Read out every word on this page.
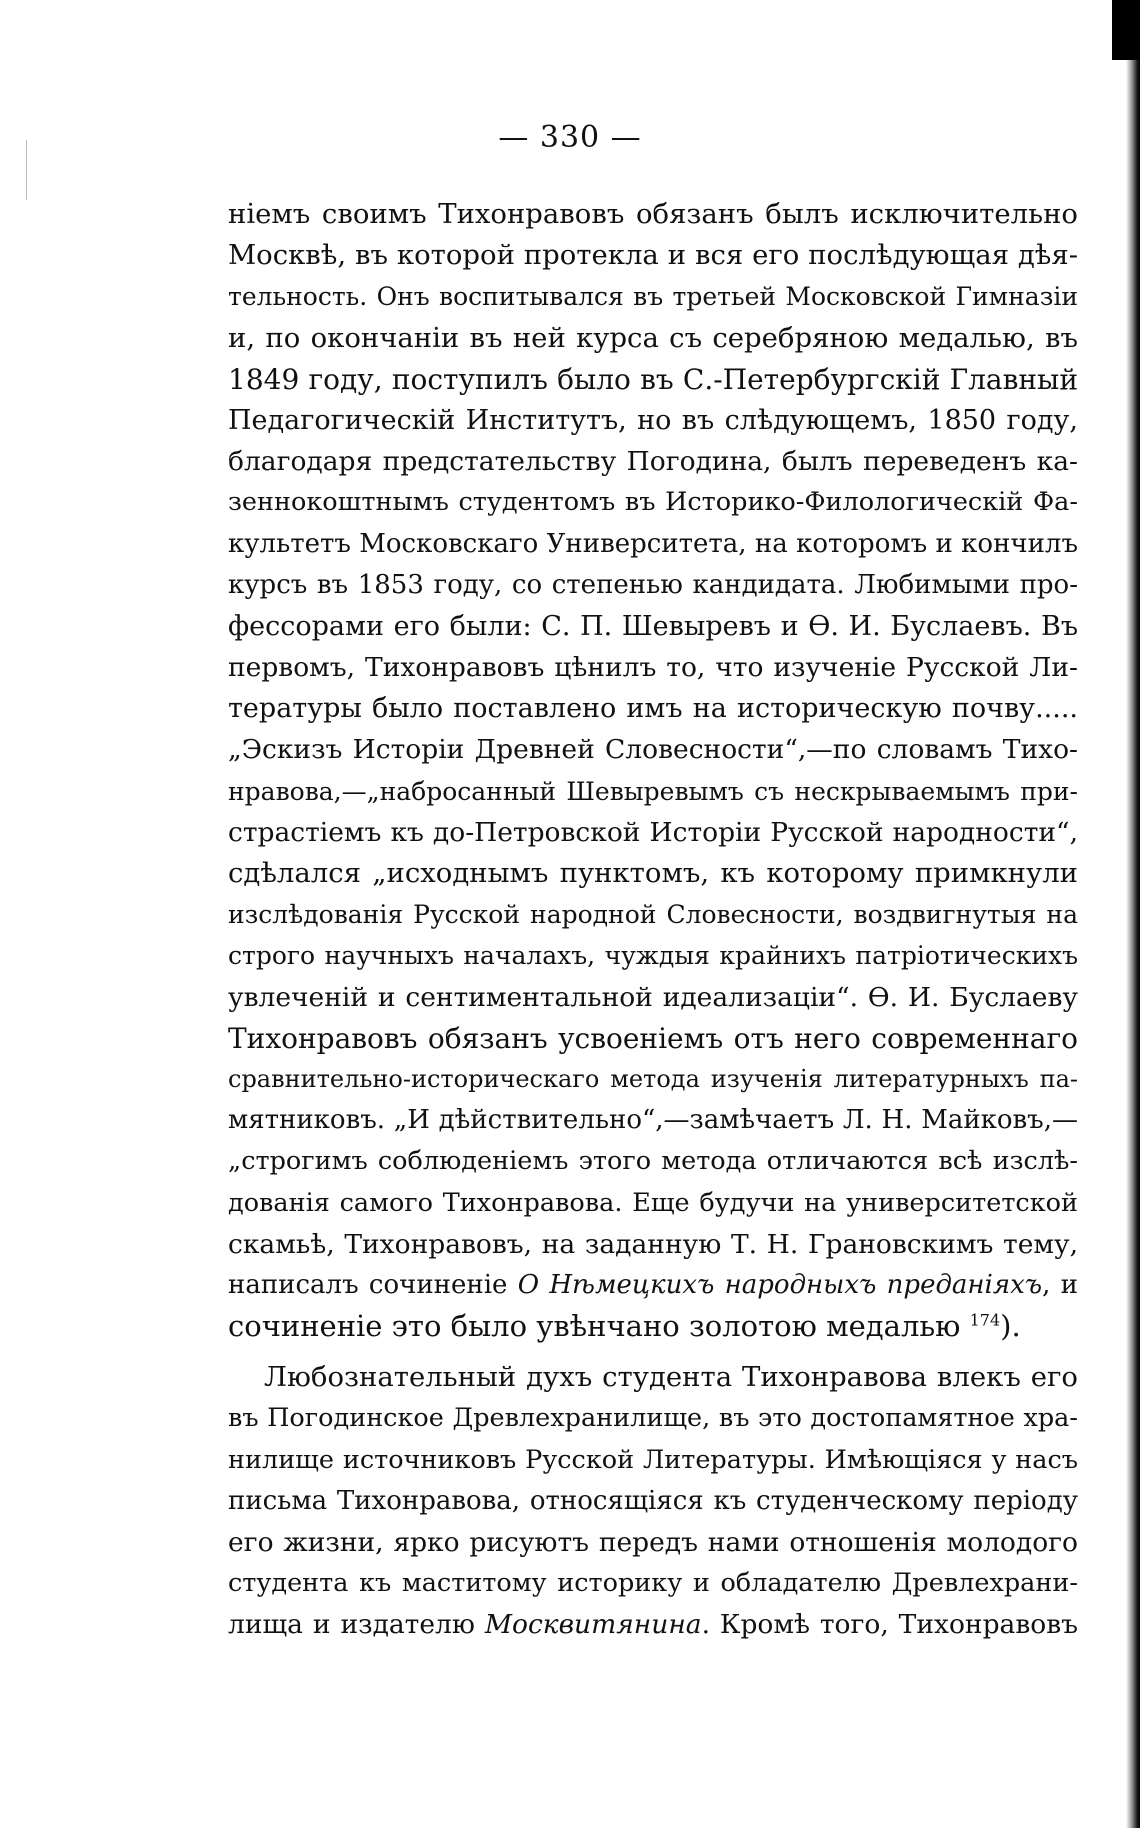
— 330 —
ніемъ своимъ Тихонравовъ обязанъ былъ исключительно
Москвѣ, въ которой протекла и вся его послѣдующая дѣя-
тельность. Онъ воспитывался въ третьей Московской Гимназіи
и, по окончаніи въ ней курса съ серебряною медалью, въ
1849 году, поступилъ было въ С.-Петербургскій Главный
Педагогическій Институтъ, но въ слѣдующемъ, 1850 году,
благодаря предстательству Погодина, былъ переведенъ ка-
зеннокоштнымъ студентомъ въ Историко-Филологическій Фа-
культетъ Московскаго Университета, на которомъ и кончилъ
курсъ въ 1853 году, со степенью кандидата. Любимыми про-
фессорами его были: С. П. Шевыревъ и Ѳ. И. Буслаевъ. Въ
первомъ, Тихонравовъ цѣнилъ то, что изученіе Русской Ли-
тературы было поставлено имъ на историческую почву.....
„Эскизъ Исторіи Древней Словесности“,—по словамъ Тихо-
нравова,—„набросанный Шевыревымъ съ нескрываемымъ при-
страстіемъ къ до-Петровской Исторіи Русской народности“,
сдѣлался „исходнымъ пунктомъ, къ которому примкнули
изслѣдованія Русской народной Словесности, воздвигнутыя на
строго научныхъ началахъ, чуждыя крайнихъ патріотическихъ
увлеченій и сентиментальной идеализаціи“. Ѳ. И. Буслаеву
Тихонравовъ обязанъ усвоеніемъ отъ него современнаго
сравнительно-историческаго метода изученія литературныхъ па-
мятниковъ. „И дѣйствительно“,—замѣчаетъ Л. Н. Майковъ,—
„строгимъ соблюденіемъ этого метода отличаются всѣ изслѣ-
дованія самого Тихонравова. Еще будучи на университетской
скамьѣ, Тихонравовъ, на заданную Т. Н. Грановскимъ тему,
написалъ сочиненіе О Нѣмецкихъ народныхъ преданіяхъ, и
сочиненіе это было увѣнчано золотою медалью $^{174}$).
Любознательный духъ студента Тихонравова влекъ его
въ Погодинское Древлехранилище, въ это достопамятное хра-
нилище источниковъ Русской Литературы. Имѣющіяся у насъ
письма Тихонравова, относящіяся къ студенческому періоду
его жизни, ярко рисуютъ передъ нами отношенія молодого
студента къ маститому историку и обладателю Древлехрани-
лища и издателю Москвитянина. Кромѣ того, Тихонравовъ
